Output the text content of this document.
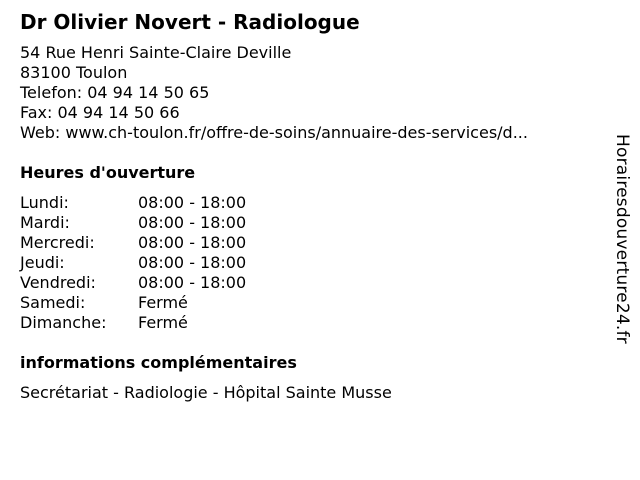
Dr Olivier Novert - Radiologue
54 Rue Henri Sainte-Claire Deville
83100 Toulon
Telefon: 04 94 14 50 65
Fax: 04 94 14 50 66
Web: www.ch-toulon.fr/offre-de-soins/annuaire-des-services/d...
Heures d'ouverture
Lundi:	08:00 - 18:00
Mardi:	08:00 - 18:00
Mercredi:	08:00 - 18:00
Jeudi:	08:00 - 18:00
Vendredi:	08:00 - 18:00
Samedi:	Fermé
Dimanche: Fermé
informations complémentaires
Secrétariat - Radiologie - Hôpital Sainte Musse
Horairesdouverture24.fr
